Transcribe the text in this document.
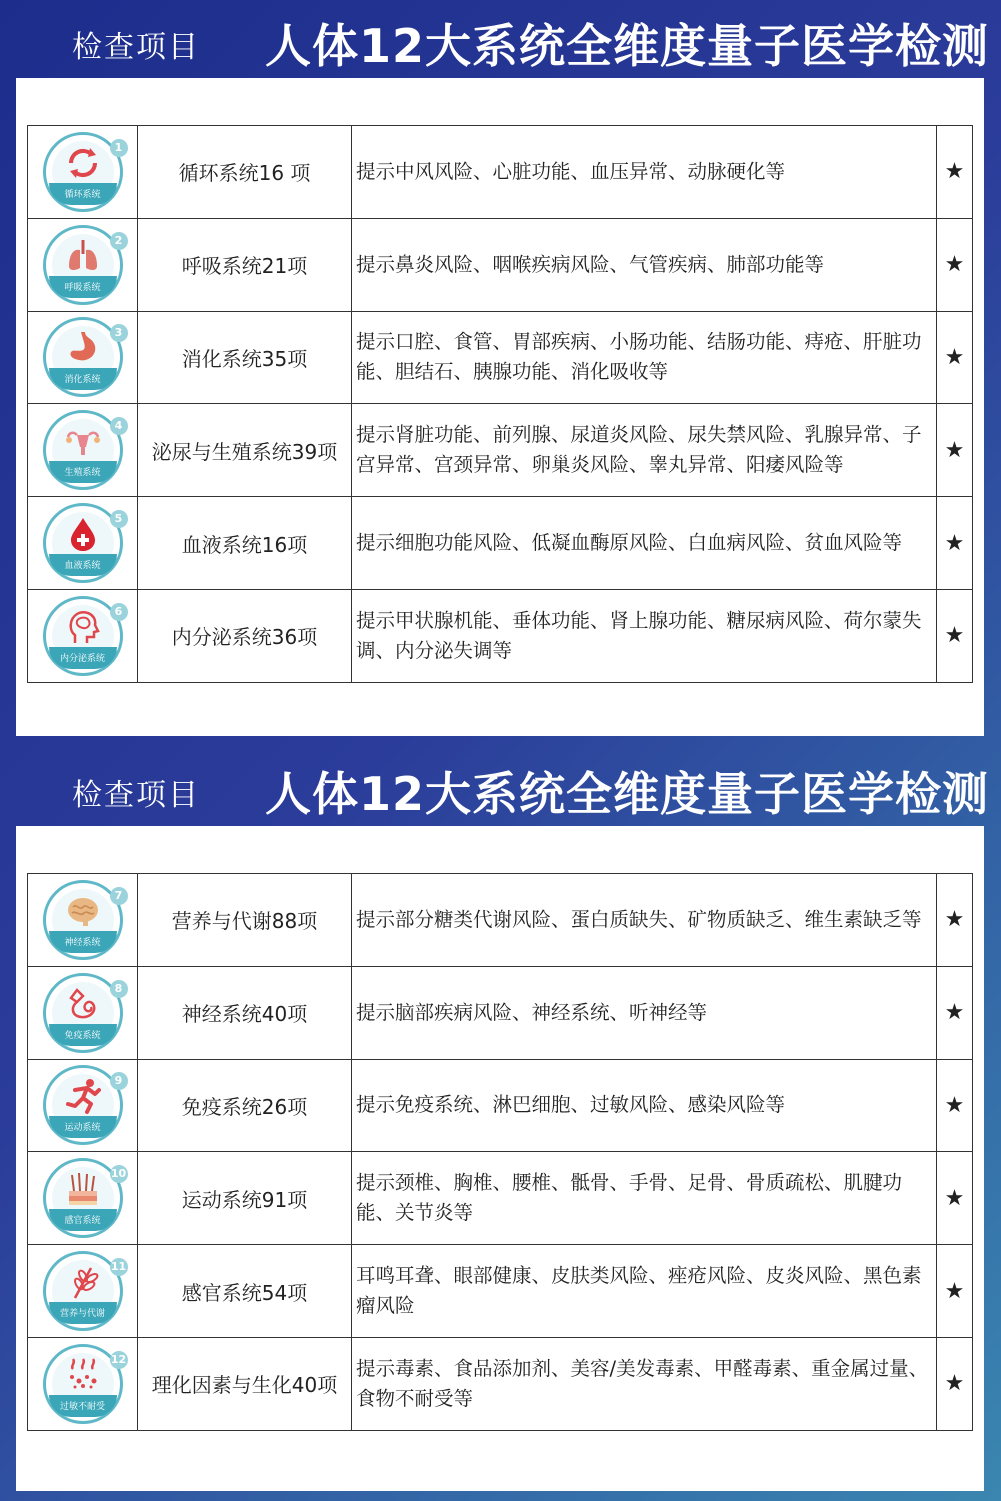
检查项目 人体12大系统全维度量子医学检测
循环系统
1	循环系统16 项	提示中风风险、心脏功能、血压异常、动脉硬化等	★

呼吸系统
2	呼吸系统21项	提示鼻炎风险、咽喉疾病风险、气管疾病、肺部功能等	★

消化系统
3	消化系统35项	提示口腔、食管、胃部疾病、小肠功能、结肠功能、痔疮、肝脏功能、胆结石、胰腺功能、消化吸收等	★

生殖系统
4	泌尿与生殖系统39项	提示肾脏功能、前列腺、尿道炎风险、尿失禁风险、乳腺异常、子宫异常、宫颈异常、卵巢炎风险、睾丸异常、阳痿风险等	★

血液系统
5	血液系统16项	提示细胞功能风险、低凝血酶原风险、白血病风险、贫血风险等	★

内分泌系统
6	内分泌系统36项	提示甲状腺机能、垂体功能、肾上腺功能、糖尿病风险、荷尔蒙失调、内分泌失调等	★
检查项目 人体12大系统全维度量子医学检测
神经系统
7	营养与代谢88项	提示部分糖类代谢风险、蛋白质缺失、矿物质缺乏、维生素缺乏等	★

免疫系统
8	神经系统40项	提示脑部疾病风险、神经系统、听神经等	★

运动系统
9	免疫系统26项	提示免疫系统、淋巴细胞、过敏风险、感染风险等	★

感官系统
10	运动系统91项	提示颈椎、胸椎、腰椎、骶骨、手骨、足骨、骨质疏松、肌腱功能、关节炎等	★

营养与代谢
11	感官系统54项	耳鸣耳聋、眼部健康、皮肤类风险、痤疮风险、皮炎风险、黑色素瘤风险	★

过敏不耐受
12	理化因素与生化40项	提示毒素、食品添加剂、美容/美发毒素、甲醛毒素、重金属过量、食物不耐受等	★
